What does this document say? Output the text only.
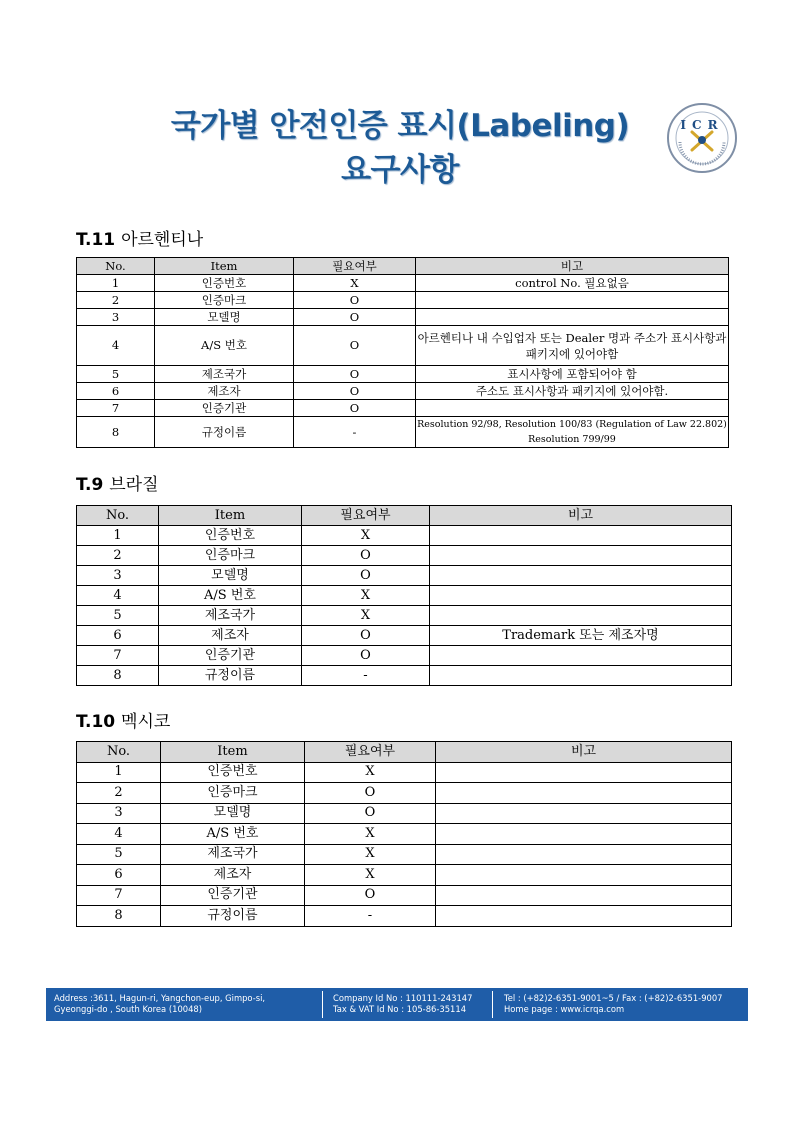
국가별 안전인증 표시(Labeling)
요구사항
ICR
T.11 아르헨티나
No.	Item	필요여부	비고
1	인증번호	X	control No. 필요없음
2	인증마크	O	
3	모델명	O	
4	A/S 번호	O	아르헨티나 내 수입업자 또는 Dealer 명과 주소가 표시사항과 패키지에 있어야함
5	제조국가	O	표시사항에 포함되어야 함
6	제조자	O	주소도 표시사항과 패키지에 있어야함.
7	인증기관	O	
8	규정이름	-	Resolution 92/98, Resolution 100/83 (Regulation of Law 22.802) Resolution 799/99
T.9 브라질
No.	Item	필요여부	비고
1	인증번호	X	
2	인증마크	O	
3	모델명	O	
4	A/S 번호	X	
5	제조국가	X	
6	제조자	O	Trademark 또는 제조자명
7	인증기관	O	
8	규정이름	-	
T.10 멕시코
No.	Item	필요여부	비고
1	인증번호	X	
2	인증마크	O	
3	모델명	O	
4	A/S 번호	X	
5	제조국가	X	
6	제조자	X	
7	인증기관	O	
8	규정이름	-	
Address :3611, Hagun-ri, Yangchon-eup, Gimpo-si,
Gyeonggi-do , South Korea (10048)
Company Id No : 110111-243147
Tax & VAT Id No : 105-86-35114
Tel : (+82)2-6351-9001~5 / Fax : (+82)2-6351-9007
Home page : www.icrqa.com
